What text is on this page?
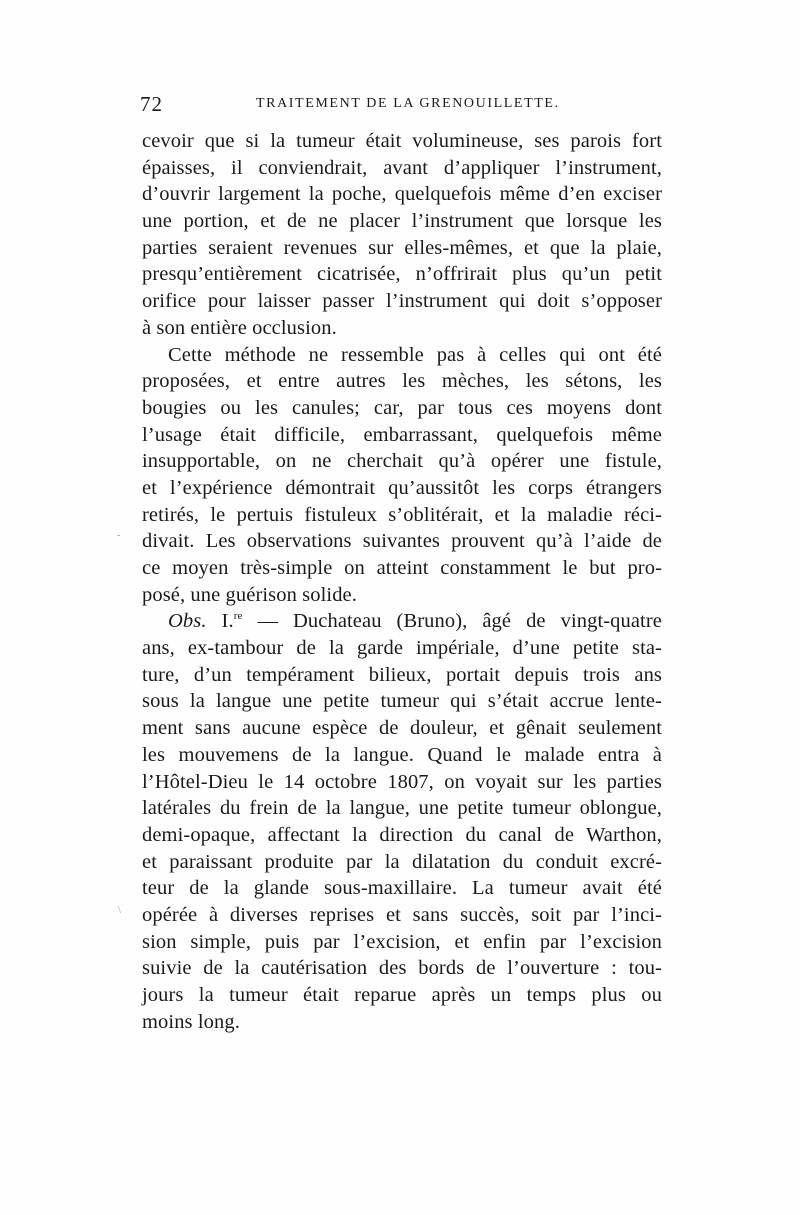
72	TRAITEMENT DE LA GRENOUILLETTE.
cevoir que si la tumeur était volumineuse, ses parois fort
épaisses, il conviendrait, avant d’appliquer l’instrument,
d’ouvrir largement la poche, quelquefois même d’en exciser
une portion, et de ne placer l’instrument que lorsque les
parties seraient revenues sur elles-mêmes, et que la plaie,
presqu’entièrement cicatrisée, n’offrirait plus qu’un petit
orifice pour laisser passer l’instrument qui doit s’opposer
à son entière occlusion.
Cette méthode ne ressemble pas à celles qui ont été
proposées, et entre autres les mèches, les sétons, les
bougies ou les canules; car, par tous ces moyens dont
l’usage était difficile, embarrassant, quelquefois même
insupportable, on ne cherchait qu’à opérer une fistule,
et l’expérience démontrait qu’aussitôt les corps étrangers
retirés, le pertuis fistuleux s’oblitérait, et la maladie réci-
divait. Les observations suivantes prouvent qu’à l’aide de
ce moyen très-simple on atteint constamment le but pro-
posé, une guérison solide.
Obs. I.$^{re}$ — Duchateau (Bruno), âgé de vingt-quatre
ans, ex-tambour de la garde impériale, d’une petite sta-
ture, d’un tempérament bilieux, portait depuis trois ans
sous la langue une petite tumeur qui s’était accrue lente-
ment sans aucune espèce de douleur, et gênait seulement
les mouvemens de la langue. Quand le malade entra à
l’Hôtel-Dieu le 14 octobre 1807, on voyait sur les parties
latérales du frein de la langue, une petite tumeur oblongue,
demi-opaque, affectant la direction du canal de Warthon,
et paraissant produite par la dilatation du conduit excré-
teur de la glande sous-maxillaire. La tumeur avait été
opérée à diverses reprises et sans succès, soit par l’inci-
sion simple, puis par l’excision, et enfin par l’excision
suivie de la cautérisation des bords de l’ouverture : tou-
jours la tumeur était reparue après un temps plus ou
moins long.
-
\
